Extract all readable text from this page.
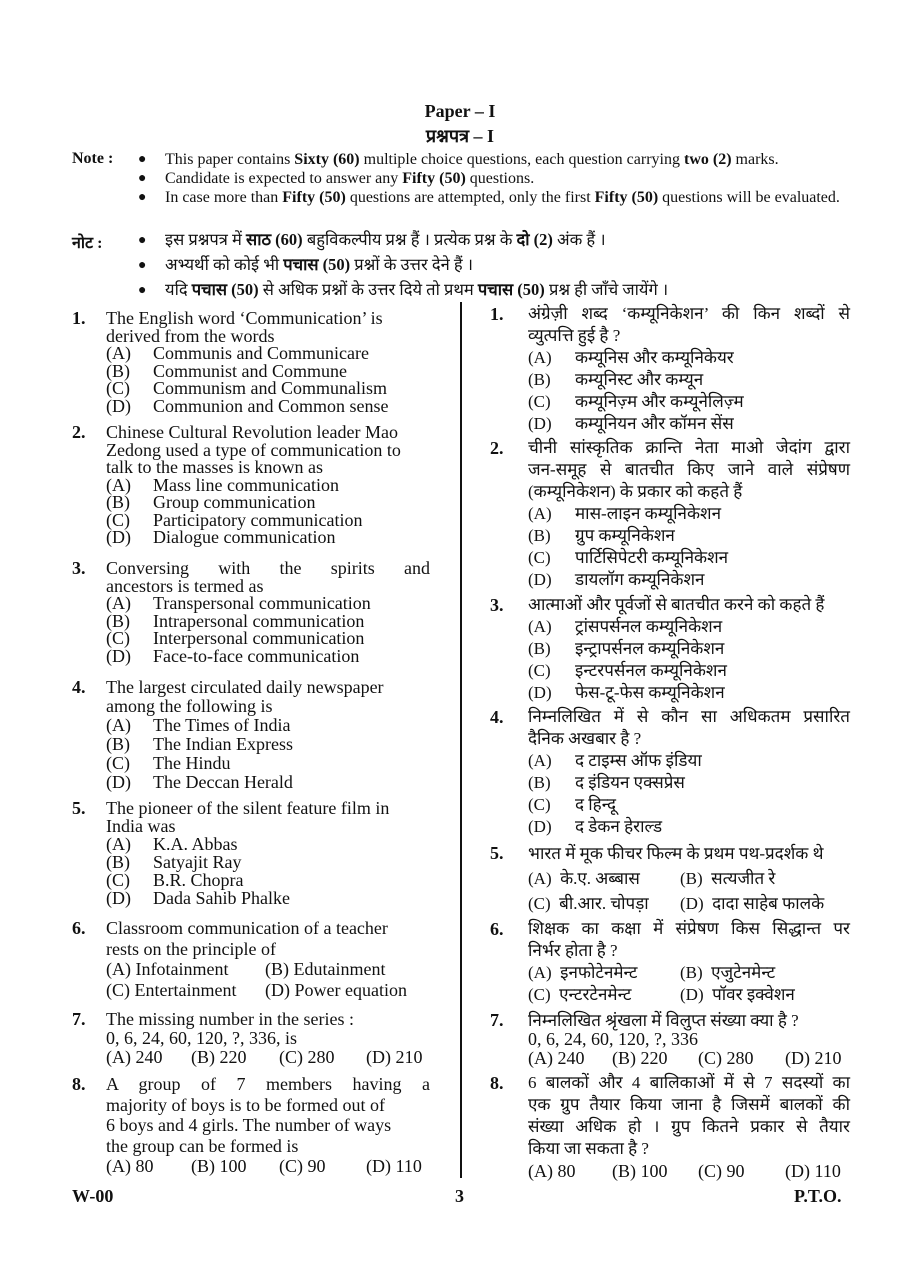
Paper – I
प्रश्नपत्र – I
Note : ● This paper contains Sixty (60) multiple choice questions, each question carrying two (2) marks.
● Candidate is expected to answer any Fifty (50) questions.
● In case more than Fifty (50) questions are attempted, only the first Fifty (50) questions will be evaluated.
नोट :	● इस प्रश्नपत्र में साठ (60) बहुविकल्पीय प्रश्न हैं । प्रत्येक प्रश्न के दो (2) अंक हैं ।
● अभ्यर्थी को कोई भी पचास (50) प्रश्नों के उत्तर देने हैं ।
● यदि पचास (50) से अधिक प्रश्नों के उत्तर दिये तो प्रथम पचास (50) प्रश्न ही जाँचे जायेंगे ।
1. The English word ‘Communication’ is
derived from the words
(A)	Communis and Communicare
(B)	Communist and Commune
(C)	Communism and Communalism
(D)	Communion and Common sense
2. Chinese Cultural Revolution leader Mao
Zedong used a type of communication to
talk to the masses is known as
(A)	Mass line communication
(B)	Group communication
(C)	Participatory communication
(D)	Dialogue communication
3. Conversing with the spirits and
ancestors is termed as
(A)	Transpersonal communication
(B)	Intrapersonal communication
(C)	Interpersonal communication
(D)	Face-to-face communication
4. The largest circulated daily newspaper
among the following is
(A)	The Times of India
(B)	The Indian Express
(C)	The Hindu
(D)	The Deccan Herald
5. The pioneer of the silent feature film in
India was
(A)	K.A. Abbas
(B)	Satyajit Ray
(C)	B.R. Chopra
(D)	Dada Sahib Phalke
6. Classroom communication of a teacher
rests on the principle of
(A) Infotainment	(B) Edutainment
(C) Entertainment	(D) Power equation
7. The missing number in the series :
0, 6, 24, 60, 120, ?, 336, is
(A) 240	(B) 220	(C) 280	(D) 210
8. A group of 7 members having a
majority of boys is to be formed out of
6 boys and 4 girls. The number of ways
the group can be formed is
(A) 80	(B) 100	(C) 90	(D) 110
1. अंग्रेज़ी शब्द ‘कम्यूनिकेशन’ की किन शब्दों से
व्युत्पत्ति हुई है ?
(A)	कम्यूनिस और कम्यूनिकेयर
(B)	कम्यूनिस्ट और कम्यून
(C)	कम्यूनिज़्म और कम्यूनेलिज़्म
(D)	कम्यूनियन और कॉमन सेंस
2. चीनी सांस्कृतिक क्रान्ति नेता माओ जेदांग द्वारा
जन-समूह से बातचीत किए जाने वाले संप्रेषण
(कम्यूनिकेशन) के प्रकार को कहते हैं
(A)	मास-लाइन कम्यूनिकेशन
(B)	ग्रुप कम्यूनिकेशन
(C)	पार्टिसिपेटरी कम्यूनिकेशन
(D)	डायलॉग कम्यूनिकेशन
3. आत्माओं और पूर्वजों से बातचीत करने को कहते हैं
(A)	ट्रांसपर्सनल कम्यूनिकेशन
(B)	इन्ट्रापर्सनल कम्यूनिकेशन
(C)	इन्टरपर्सनल कम्यूनिकेशन
(D)	फेस-टू-फेस कम्यूनिकेशन
4. निम्नलिखित में से कौन सा अधिकतम प्रसारित
दैनिक अखबार है ?
(A)	द टाइम्स ऑफ इंडिया
(B)	द इंडियन एक्सप्रेस
(C)	द हिन्दू
(D)	द डेकन हेराल्ड
5. भारत में मूक फीचर फिल्म के प्रथम पथ-प्रदर्शक थे
(A)  के.ए. अब्बास	(B)  सत्यजीत रे
(C)  बी.आर. चोपड़ा	(D)  दादा साहेब फालके
6. शिक्षक का कक्षा में संप्रेषण किस सिद्धान्त पर
निर्भर होता है ?
(A)  इनफोटेनमेन्ट	(B)  एजुटेनमेन्ट
(C)  एन्टरटेनमेन्ट	(D)  पॉवर इक्वेशन
7. निम्नलिखित श्रृंखला में विलुप्त संख्या क्या है ?
0, 6, 24, 60, 120, ?, 336
(A) 240	(B) 220	(C) 280	(D) 210
8. 6 बालकों और 4 बालिकाओं में से 7 सदस्यों का
एक ग्रुप तैयार किया जाना है जिसमें बालकों की
संख्या अधिक हो । ग्रुप कितने प्रकार से तैयार
किया जा सकता है ?
(A) 80	(B) 100	(C) 90	(D) 110
W-00	3	P.T.O.
